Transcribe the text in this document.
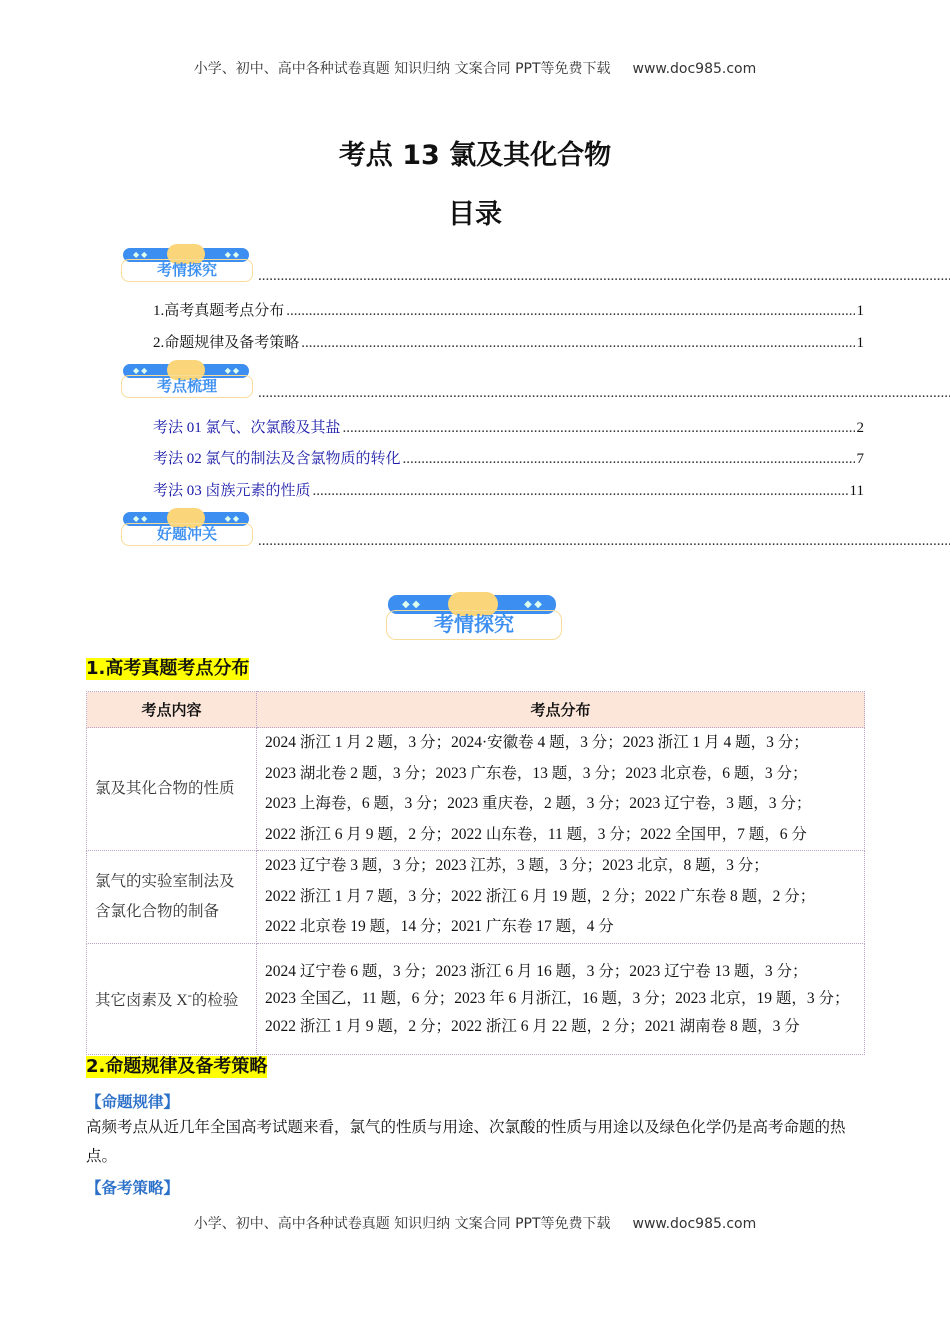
小学、初中、高中各种试卷真题 知识归纳 文案合同 PPT等免费下载 www.doc985.com
考点 13 氯及其化合物
目录
◆ ◆	◆ ◆
考情探究
.....
1.高考真题考点分布 .....	1
2.命题规律及备考策略 .....	1
◆ ◆	◆ ◆
考点梳理
.....
考法 01 氯气、次氯酸及其盐 .....	2
考法 02 氯气的制法及含氯物质的转化 .....	7
考法 03 卤族元素的性质 .....	11
◆ ◆	◆ ◆
好题冲关
.....
◆ ◆	◆ ◆
考情探究
1.高考真题考点分布
考点内容	考点分布
氯及其化合物的性质	2024 浙江 1 月 2 题，3 分；2024·安徽卷 4 题，3 分；2023 浙江 1 月 4 题，3 分；
2023 湖北卷 2 题，3 分；2023 广东卷，13 题，3 分；2023 北京卷，6 题，3 分；
2023 上海卷，6 题，3 分；2023 重庆卷，2 题，3 分；2023 辽宁卷，3 题，3 分；
2022 浙江 6 月 9 题，2 分；2022 山东卷，11 题，3 分；2022 全国甲，7 题，6 分

氯气的实验室制法及含氯化合物的制备	2023 辽宁卷 3 题，3 分；2023 江苏，3 题，3 分；2023 北京，8 题，3 分；
2022 浙江 1 月 7 题，3 分；2022 浙江 6 月 19 题，2 分；2022 广东卷 8 题，2 分；
2022 北京卷 19 题，14 分；2021 广东卷 17 题，4 分

其它卤素及 X-的检验	2024 辽宁卷 6 题，3 分；2023 浙江 6 月 16 题，3 分；2023 辽宁卷 13 题，3 分；
2023 全国乙，11 题，6 分；2023 年 6 月浙江，16 题，3 分；2023 北京，19 题，3 分；
2022 浙江 1 月 9 题，2 分；2022 浙江 6 月 22 题，2 分；2021 湖南卷 8 题，3 分
2.命题规律及备考策略
【命题规律】
高频考点从近几年全国高考试题来看，氯气的性质与用途、次氯酸的性质与用途以及绿色化学仍是高考命题的热点。
【备考策略】
小学、初中、高中各种试卷真题 知识归纳 文案合同 PPT等免费下载 www.doc985.com
